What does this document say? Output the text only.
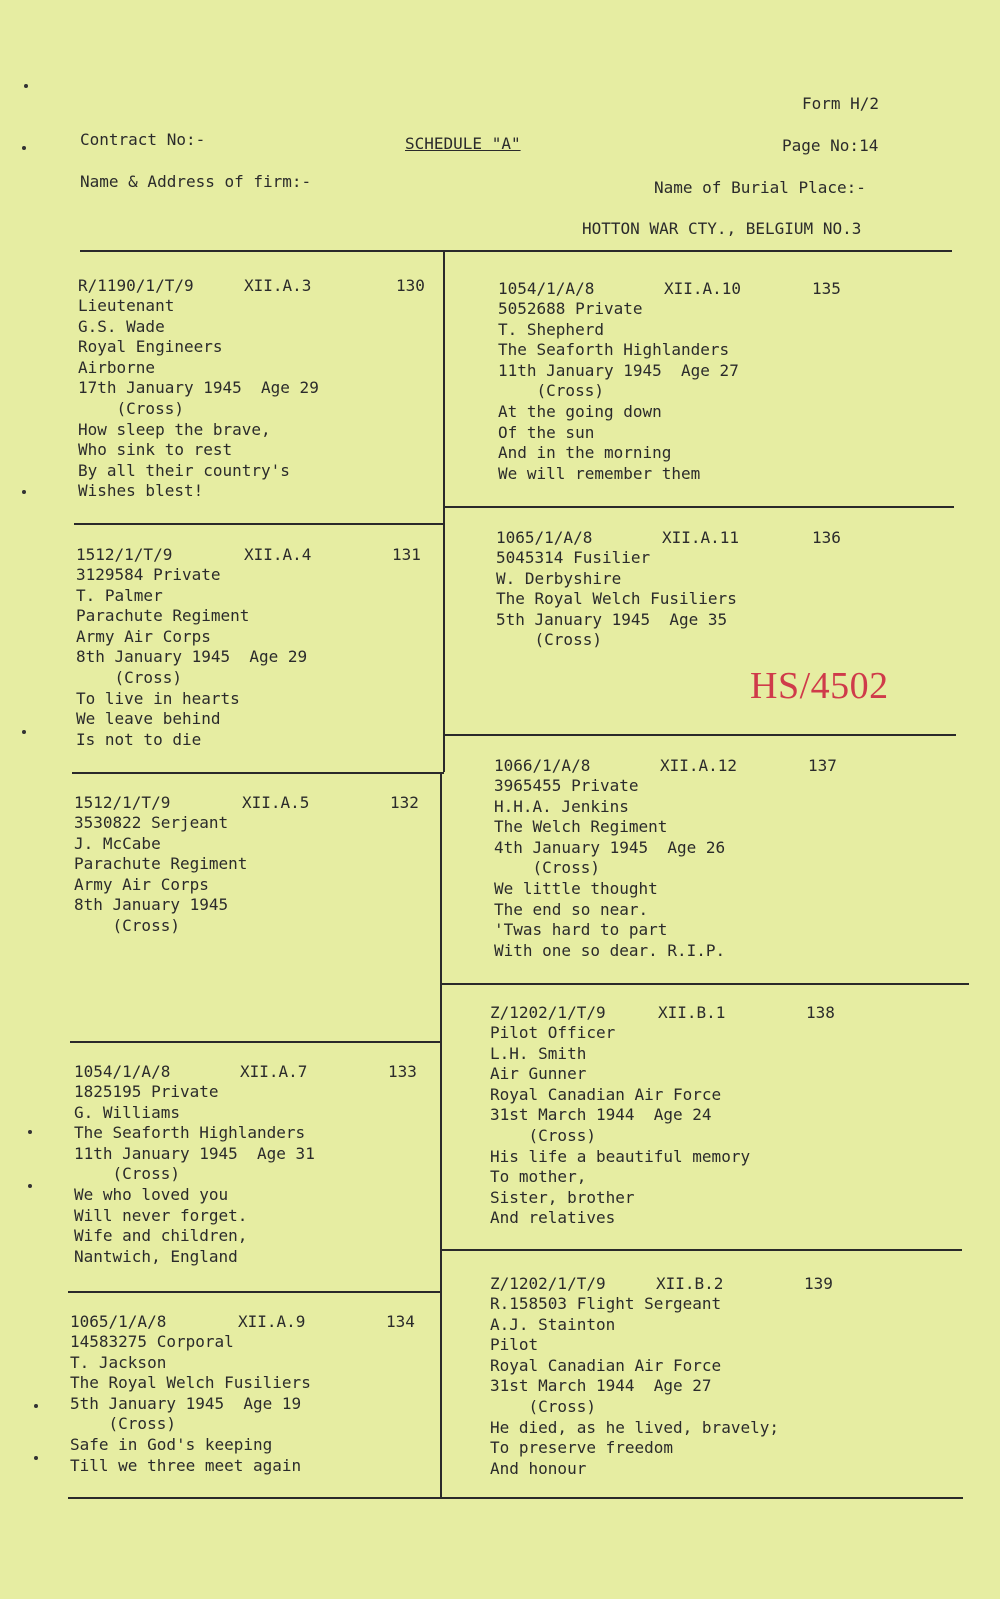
Form H/2
Contract No:-	SCHEDULE "A"	Page No:14
Name & Address of firm:-	Name of Burial Place:-
HOTTON WAR CTY., BELGIUM NO.3
R/1190/1/T/9	XII.A.3	130
Lieutenant
G.S. Wade
Royal Engineers
Airborne
17th January 1945  Age 29
(Cross)
How sleep the brave,
Who sink to rest
By all their country's
Wishes blest!
1512/1/T/9	XII.A.4	131
3129584 Private
T. Palmer
Parachute Regiment
Army Air Corps
8th January 1945  Age 29
(Cross)
To live in hearts
We leave behind
Is not to die
1512/1/T/9	XII.A.5	132
3530822 Serjeant
J. McCabe
Parachute Regiment
Army Air Corps
8th January 1945
(Cross)
1054/1/A/8	XII.A.7	133
1825195 Private
G. Williams
The Seaforth Highlanders
11th January 1945  Age 31
(Cross)
We who loved you
Will never forget.
Wife and children,
Nantwich, England
1065/1/A/8	XII.A.9	134
14583275 Corporal
T. Jackson
The Royal Welch Fusiliers
5th January 1945  Age 19
(Cross)
Safe in God's keeping
Till we three meet again
1054/1/A/8	XII.A.10	135
5052688 Private
T. Shepherd
The Seaforth Highlanders
11th January 1945  Age 27
(Cross)
At the going down
Of the sun
And in the morning
We will remember them
1065/1/A/8	XII.A.11	136
5045314 Fusilier
W. Derbyshire
The Royal Welch Fusiliers
5th January 1945  Age 35
(Cross)
HS/4502
1066/1/A/8	XII.A.12	137
3965455 Private
H.H.A. Jenkins
The Welch Regiment
4th January 1945  Age 26
(Cross)
We little thought
The end so near.
'Twas hard to part
With one so dear. R.I.P.
Z/1202/1/T/9	XII.B.1	138
Pilot Officer
L.H. Smith
Air Gunner
Royal Canadian Air Force
31st March 1944  Age 24
(Cross)
His life a beautiful memory
To mother,
Sister, brother
And relatives
Z/1202/1/T/9	XII.B.2	139
R.158503 Flight Sergeant
A.J. Stainton
Pilot
Royal Canadian Air Force
31st March 1944  Age 27
(Cross)
He died, as he lived, bravely;
To preserve freedom
And honour
